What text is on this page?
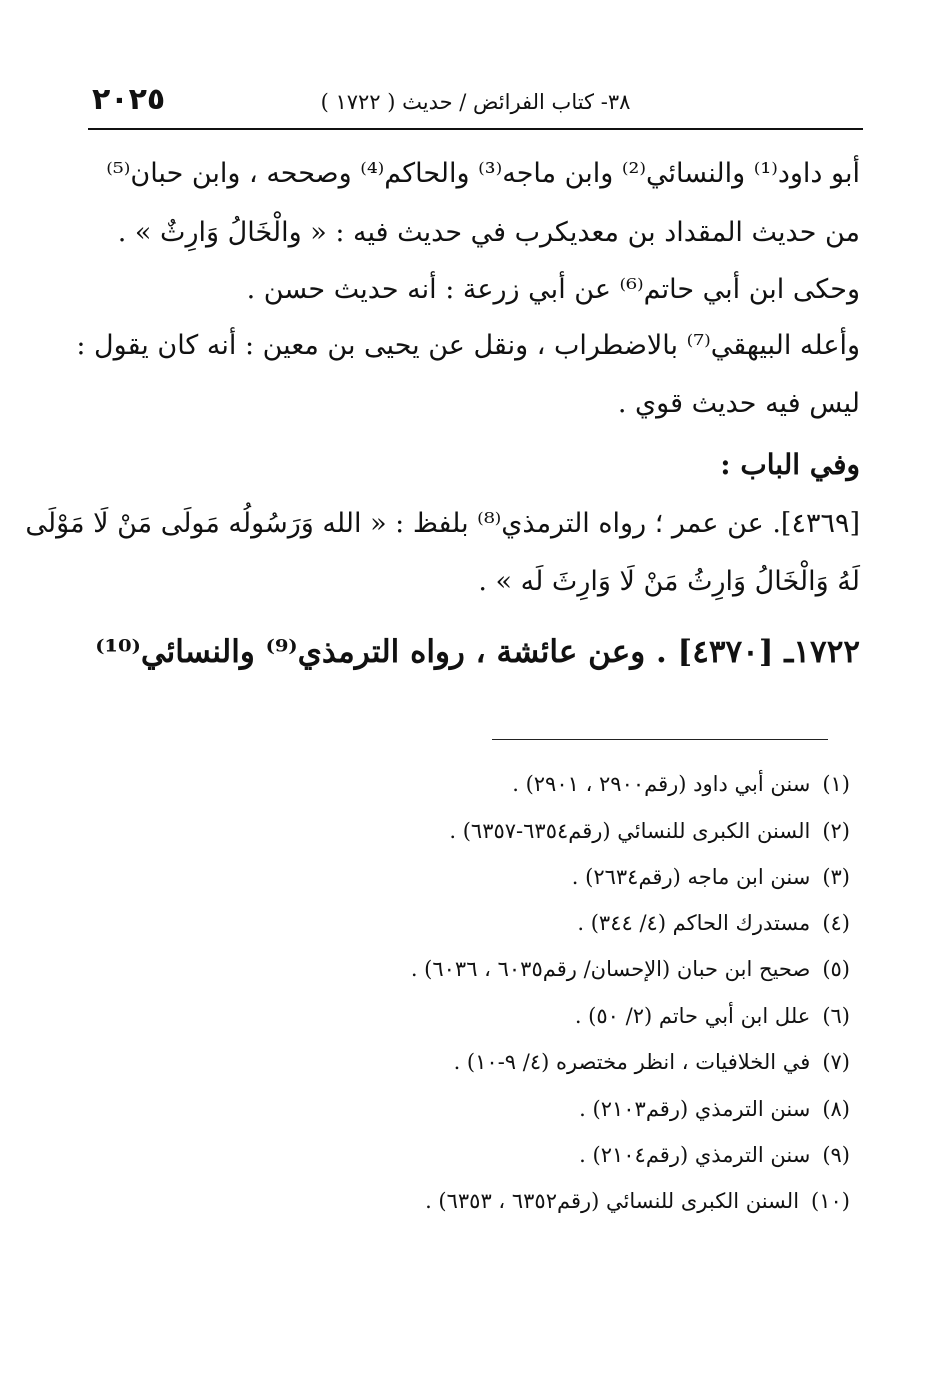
٣٨- كتاب الفرائض / حديث ( ١٧٢٢ )
٢٠٢٥
أبو داود⁽¹⁾ والنسائي⁽²⁾ وابن ماجه⁽³⁾ والحاكم⁽⁴⁾ وصححه ، وابن حبان⁽⁵⁾
من حديث المقداد بن معديكرب في حديث فيه : « والْخَالُ وَارِثٌ » .
وحكى ابن أبي حاتم⁽⁶⁾ عن أبي زرعة : أنه حديث حسن .
وأعله البيهقي⁽⁷⁾ بالاضطراب ، ونقل عن يحيى بن معين : أنه كان يقول :
ليس فيه حديث قوي .
وفي الباب :
[٤٣٦٩]. عن عمر ؛ رواه الترمذي⁽⁸⁾ بلفظ : « الله وَرَسُولُه مَولَى مَنْ لَا مَوْلَى
لَهُ وَالْخَالُ وَارِثُ مَنْ لَا وَارِثَ لَه » .
١٧٢٢ـ [٤٣٧٠] . وعن عائشة ، رواه الترمذي⁽⁹⁾ والنسائي⁽¹⁰⁾
(١)سنن أبي داود (رقم٢٩٠٠ ، ٢٩٠١) .
(٢)السنن الكبرى للنسائي (رقم٦٣٥٤-٦٣٥٧) .
(٣)سنن ابن ماجه (رقم٢٦٣٤) .
(٤)مستدرك الحاكم (٤/ ٣٤٤) .
(٥)صحيح ابن حبان (الإحسان/ رقم٦٠٣٥ ، ٦٠٣٦) .
(٦)علل ابن أبي حاتم (٢/ ٥٠) .
(٧)في الخلافيات ، انظر مختصره (٤/ ٩-١٠) .
(٨)سنن الترمذي (رقم٢١٠٣) .
(٩)سنن الترمذي (رقم٢١٠٤) .
(١٠)السنن الكبرى للنسائي (رقم٦٣٥٢ ، ٦٣٥٣) .
